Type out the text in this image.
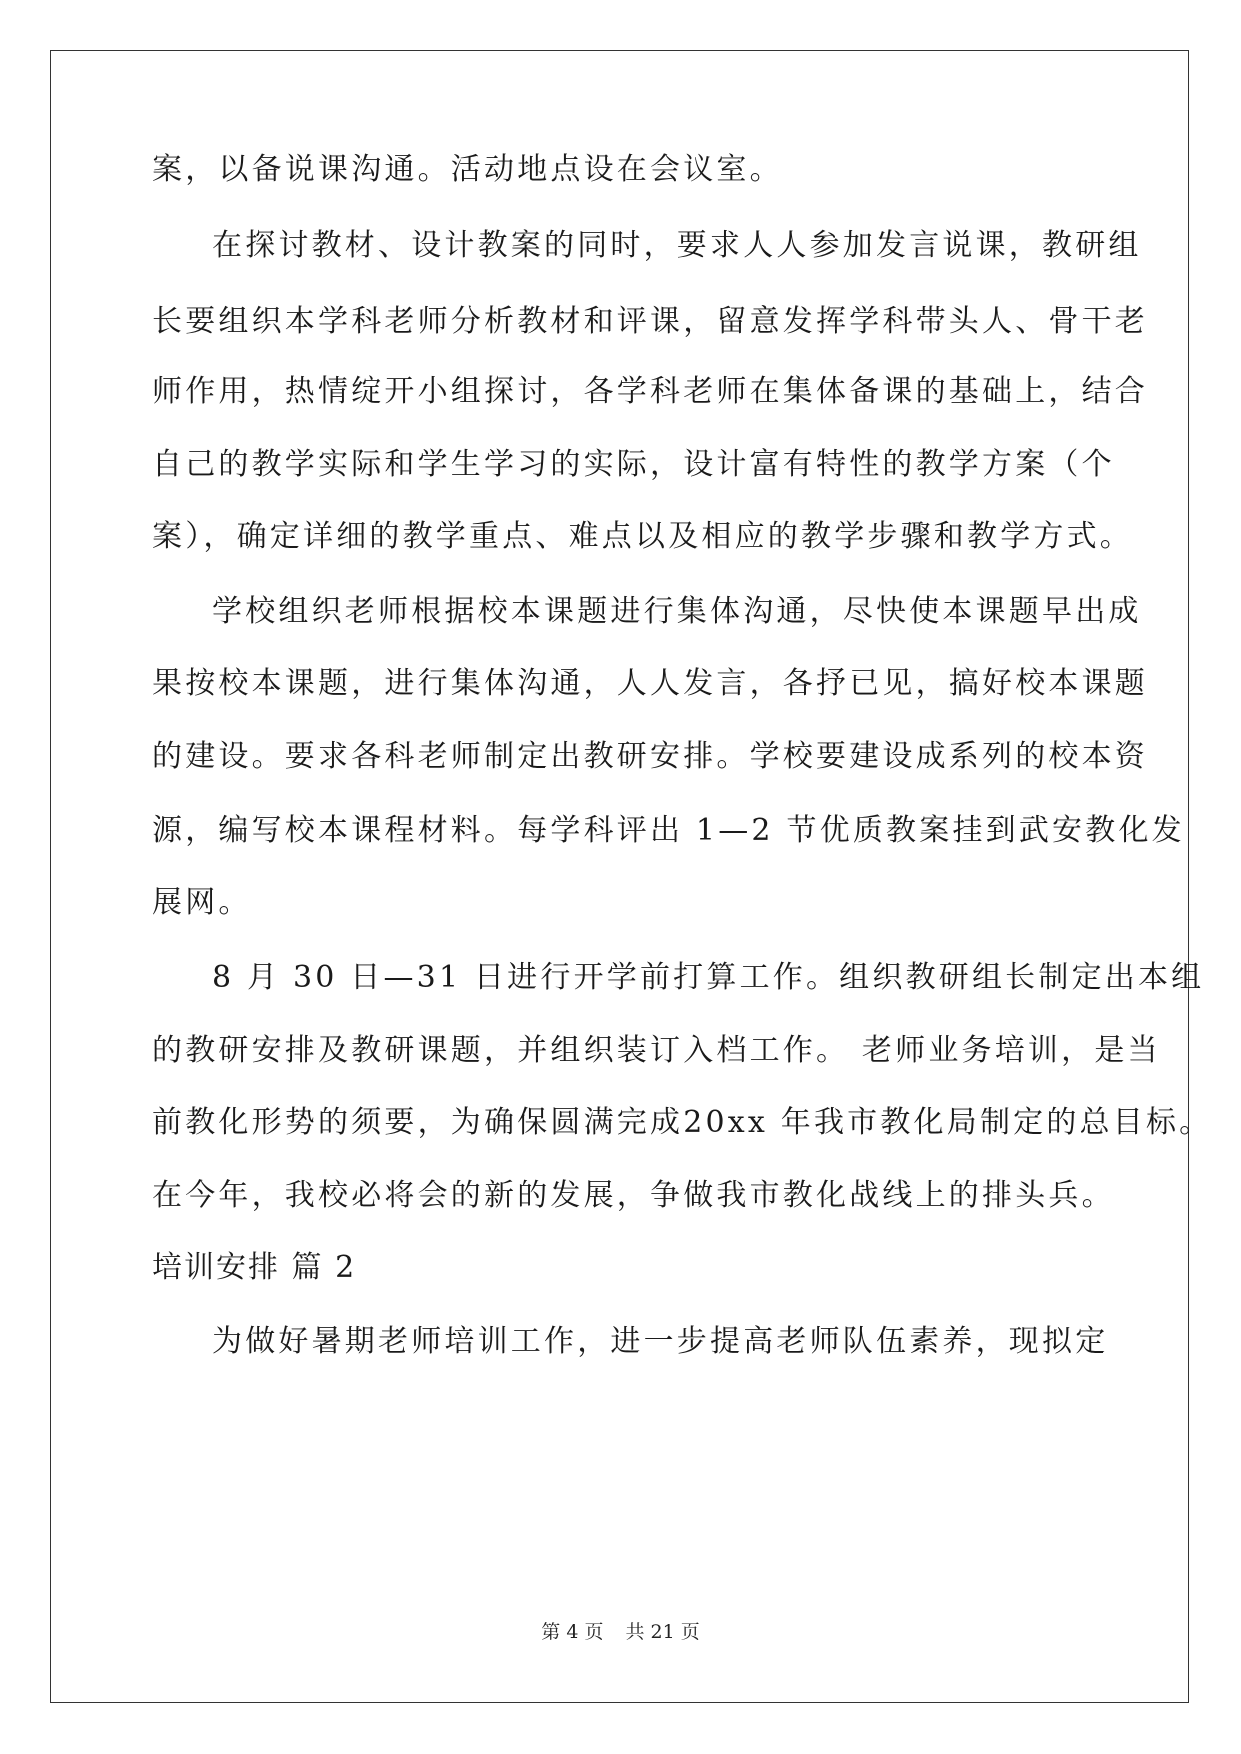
案，以备说课沟通。活动地点设在会议室。
在探讨教材、设计教案的同时，要求人人参加发言说课，教研组
长要组织本学科老师分析教材和评课，留意发挥学科带头人、骨干老
师作用，热情绽开小组探讨，各学科老师在集体备课的基础上，结合
自己的教学实际和学生学习的实际，设计富有特性的教学方案（个
案），确定详细的教学重点、难点以及相应的教学步骤和教学方式。
学校组织老师根据校本课题进行集体沟通，尽快使本课题早出成
果按校本课题，进行集体沟通，人人发言，各抒已见，搞好校本课题
的建设。要求各科老师制定出教研安排。学校要建设成系列的校本资
源，编写校本课程材料。每学科评出 1—2 节优质教案挂到武安教化发
展网。
8 月 30 日—31 日进行开学前打算工作。组织教研组长制定出本组
的教研安排及教研课题，并组织装订入档工作。 老师业务培训，是当
前教化形势的须要，为确保圆满完成20xx 年我市教化局制定的总目标。
在今年，我校必将会的新的发展，争做我市教化战线上的排头兵。
培训安排 篇 2
为做好暑期老师培训工作，进一步提高老师队伍素养，现拟定
第 4 页 共 21 页
